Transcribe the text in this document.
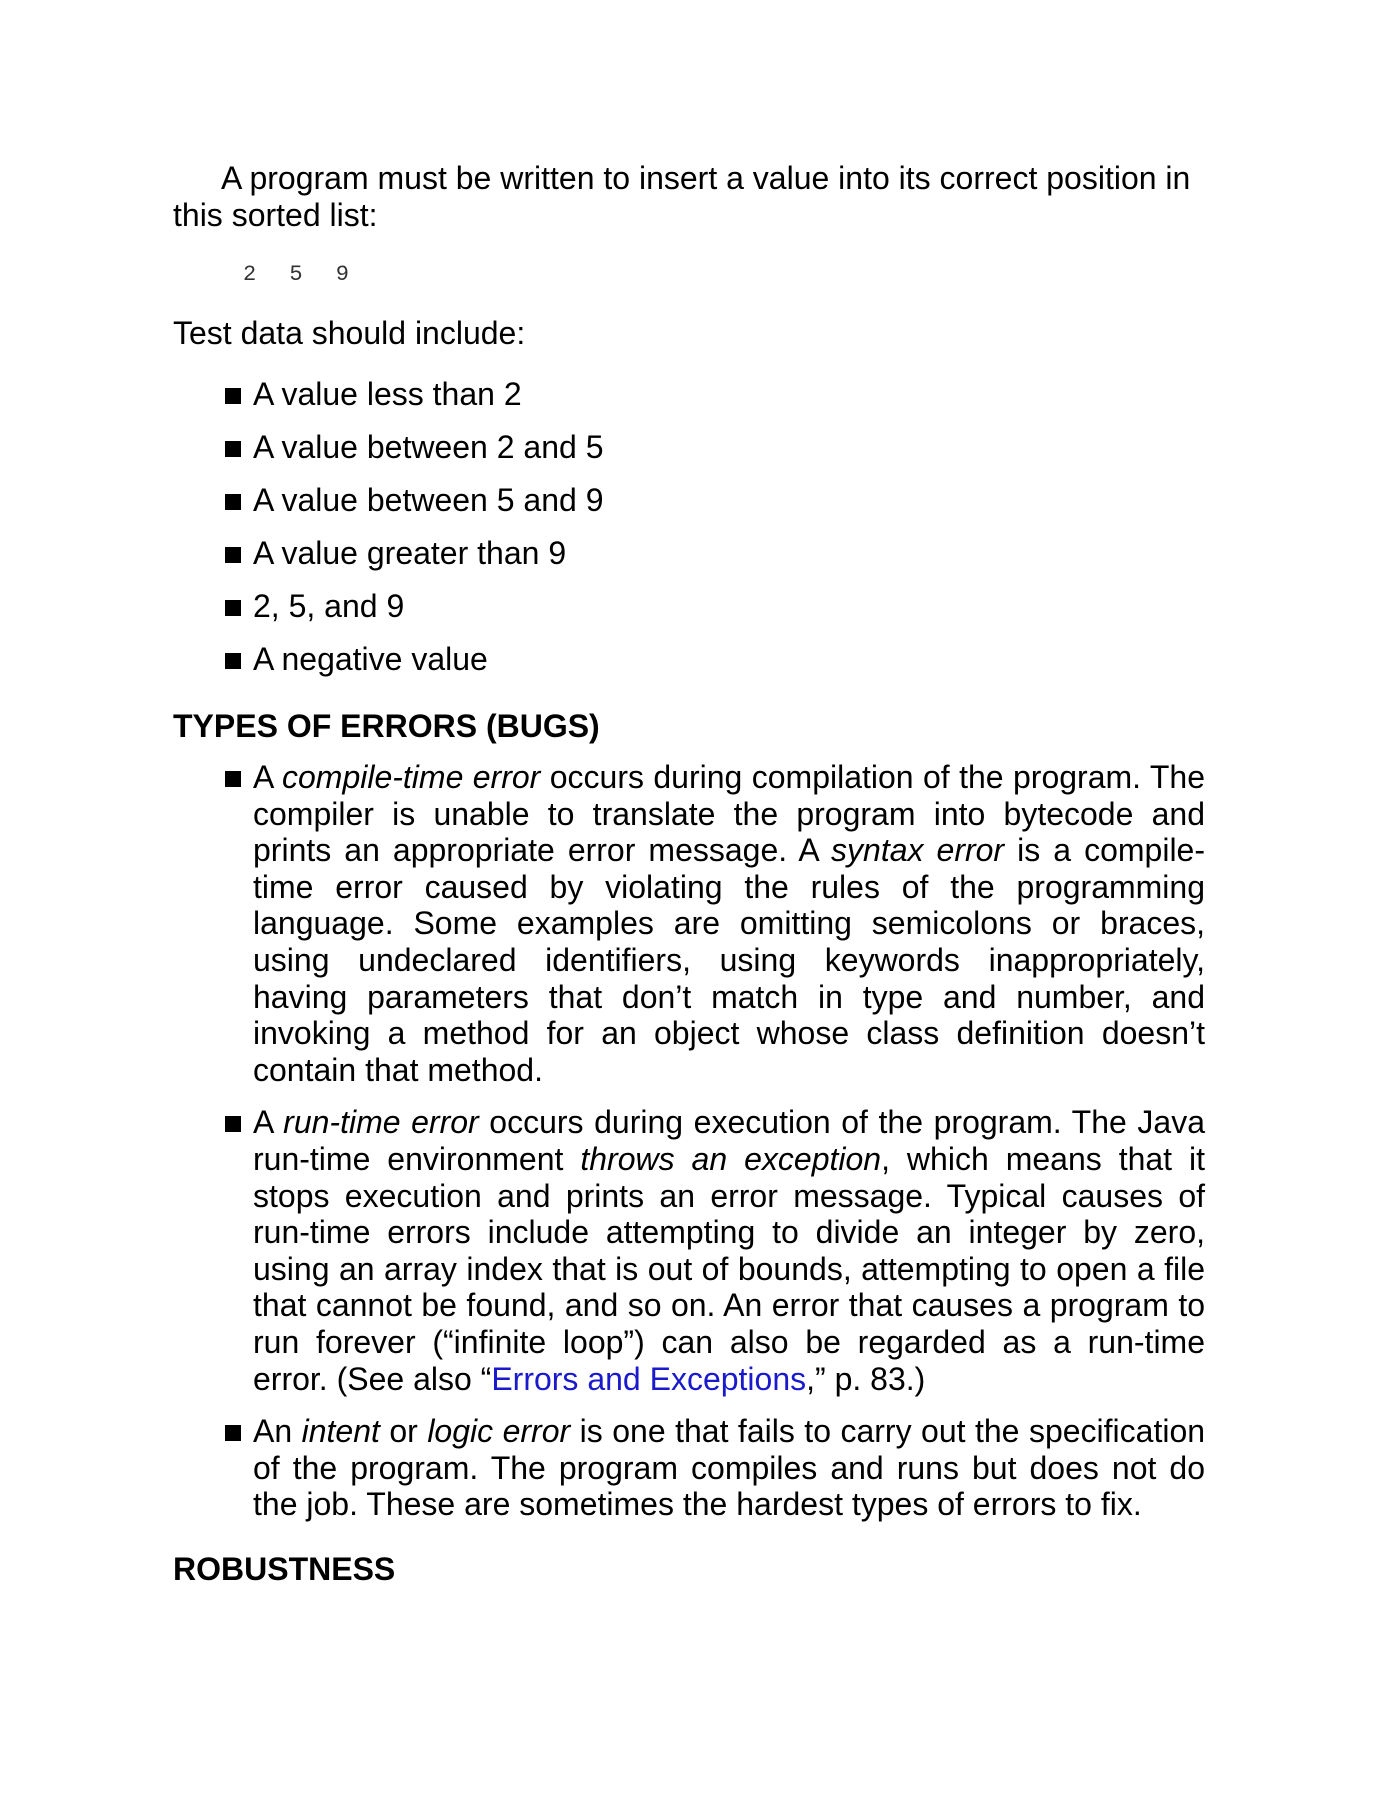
A program must be written to insert a value into its correct position in this sorted list:

2 5 9

Test data should include:

A value less than 2
A value between 2 and 5
A value between 5 and 9
A value greater than 9
2, 5, and 9
A negative value
TYPES OF ERRORS (BUGS)
A compile-time error occurs during compilation of the program. The compiler is unable to translate the program into bytecode and prints an appropriate error message. A syntax error is a compile-time error caused by violating the rules of the programming language. Some examples are omitting semicolons or braces, using undeclared identifiers, using keywords inappropriately, having parameters that don’t match in type and number, and invoking a method for an object whose class definition doesn’t contain that method.
A run-time error occurs during execution of the program. The Java run-time environment throws an exception, which means that it stops execution and prints an error message. Typical causes of run-time errors include attempting to divide an integer by zero, using an array index that is out of bounds, attempting to open a file that cannot be found, and so on. An error that causes a program to run forever (“infinite loop”) can also be regarded as a run-time error. (See also “Errors and Exceptions,” p. 83.)
An intent or logic error is one that fails to carry out the specification of the program. The program compiles and runs but does not do the job. These are sometimes the hardest types of errors to fix.
ROBUSTNESS
